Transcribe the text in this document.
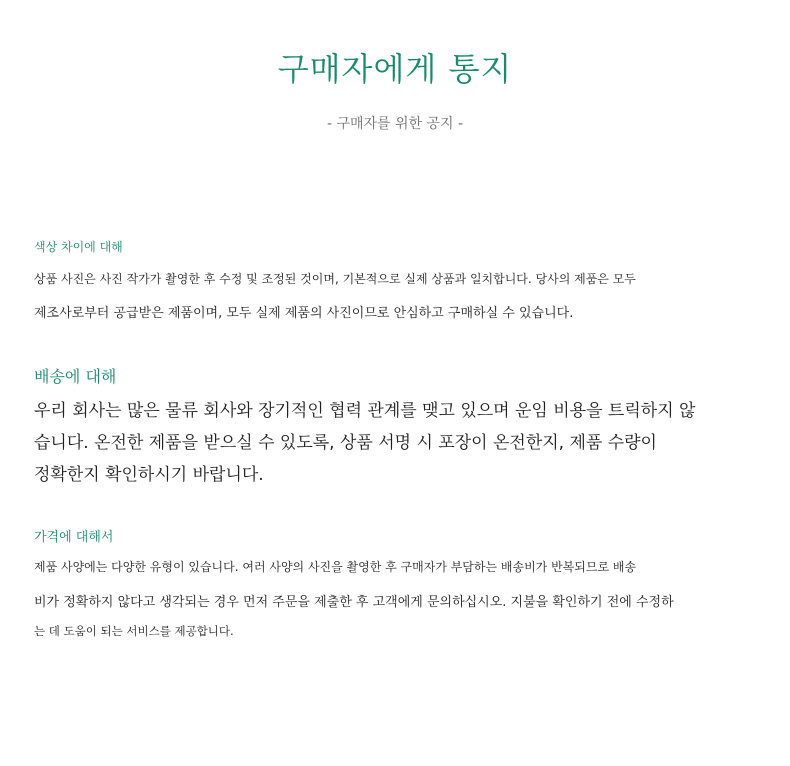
구매자에게 통지
- 구매자를 위한 공지 -
색상 차이에 대해
상품 사진은 사진 작가가 촬영한 후 수정 및 조정된 것이며, 기본적으로 실제 상품과 일치합니다. 당사의 제품은 모두
제조사로부터 공급받은 제품이며, 모두 실제 제품의 사진이므로 안심하고 구매하실 수 있습니다.
배송에 대해
우리 회사는 많은 물류 회사와 장기적인 협력 관계를 맺고 있으며 운임 비용을 트릭하지 않
습니다. 온전한 제품을 받으실 수 있도록, 상품 서명 시 포장이 온전한지, 제품 수량이
정확한지 확인하시기 바랍니다.
가격에 대해서
제품 사양에는 다양한 유형이 있습니다. 여러 사양의 사진을 촬영한 후 구매자가 부담하는 배송비가 반복되므로 배송
비가 정확하지 않다고 생각되는 경우 먼저 주문을 제출한 후 고객에게 문의하십시오. 지불을 확인하기 전에 수정하
는 데 도움이 되는 서비스를 제공합니다.
